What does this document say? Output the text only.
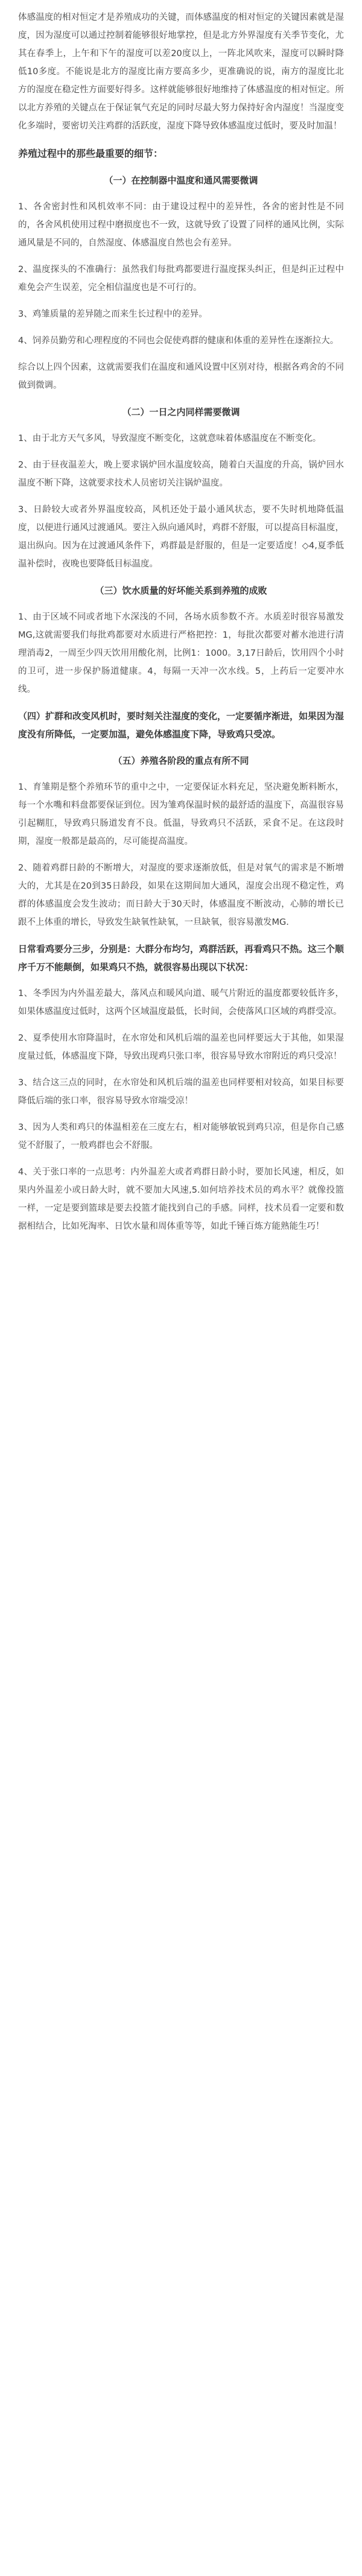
体感温度的相对恒定才是养殖成功的关键，而体感温度的相对恒定的关键因素就是湿度，因为湿度可以通过控制着能够很好地掌控，但是北方外界湿度有关季节变化，尤其在春季上，上午和下午的湿度可以差20度以上，一阵北风吹来，湿度可以瞬时降低10多度。不能说是北方的湿度比南方要高多少，更准确说的说，南方的湿度比北方的湿度在稳定性方面要好得多。这样就能够很好地维持了体感温度的相对恒定。所以北方养殖的关键点在于保证氧气充足的同时尽最大努力保持好舍内湿度！当湿度变化多端时，要密切关注鸡群的活跃度，湿度下降导致体感温度过低时，要及时加温！

养殖过程中的那些最重要的细节：

（一）在控制器中温度和通风需要微调

1、各舍密封性和风机效率不同：由于建设过程中的差异性，各舍的密封性是不同的，各舍风机使用过程中磨损度也不一致，这就导致了设置了同样的通风比例，实际通风量是不同的，自然湿度、体感温度自然也会有差异。

2、温度探头的不准确行：虽然我们每批鸡都要进行温度探头纠正，但是纠正过程中难免会产生误差，完全相信温度也是不可行的。

3、鸡雏质量的差异随之而来生长过程中的差异。

4、饲养员勤劳和心理程度的不同也会促使鸡群的健康和体重的差异性在逐渐拉大。

综合以上四个因素，这就需要我们在温度和通风设置中区别对待，根据各鸡舍的不同做到微调。

（二）一日之内同样需要微调

1、由于北方天气多风，导致湿度不断变化，这就意味着体感温度在不断变化。

2、由于昼夜温差大，晚上要求锅炉回水温度较高，随着白天温度的升高，锅炉回水温度不断下降，这就要求技术人员密切关注锅炉温度。

3、日龄较大或者外界温度较高，风机还处于最小通风状态，要不失时机地降低温度，以便进行通风过渡通风。要注入纵向通风时，鸡群不舒服，可以提高目标温度，退出纵向。因为在过渡通风条件下，鸡群最是舒服的，但是一定要适度！◇4,夏季低温补偿时，夜晚也要降低目标温度。

（三）饮水质量的好坏能关系到养殖的成败

1、由于区域不同或者地下水深浅的不同，各场水质参数不齐。水质差时很容易激发MG,这就需要我们每批鸡都要对水质进行严格把控：1，每批次都要对蓄水池进行清理消毒2，一周至少四天饮用用酸化剂，比例1：1000。3,17日龄后，饮用四个小时的卫可，进一步保护肠道健康。4，每隔一天冲一次水线。5，上药后一定要冲水线。

（四）扩群和改变风机时，要时刻关注湿度的变化，一定要循序渐进，如果因为湿度没有所降低，一定要加温，避免体感温度下降，导致鸡只受凉。

（五）养殖各阶段的重点有所不同

1、育雏期是整个养殖环节的重中之中，一定要保证水料充足，坚决避免断料断水，每一个水嘴和料盘都要保证到位。因为雏鸡保温时候的最舒适的温度下，高温很容易引起糊肛，导致鸡只肠道发育不良。低温，导致鸡只不活跃，采食不足。在这段时期，湿度一般都是最高的，尽可能提高温度。

2、随着鸡群日龄的不断增大，对湿度的要求逐渐放低，但是对氧气的需求是不断增大的，尤其是在20到35日龄段，如果在这期间加大通风，湿度会出现不稳定性，鸡群的体感温度会发生波动；而日龄大于30天时，体感温度不断波动，心肺的增长已跟不上体重的增长，导致发生缺氧性缺氧，一旦缺氧，很容易激发MG.

日常看鸡要分三步，分别是：大群分布均匀，鸡群活跃，再看鸡只不热。这三个顺序千万不能颠倒，如果鸡只不热，就很容易出现以下状况：

1、冬季因为内外温差最大，落风点和暖风向道、暖气片附近的温度都要较低许多，如果体感温度过低时，这两个区域温度最低，长时间，会使落风口区域的鸡群受凉。

2、夏季使用水帘降温时，在水帘处和风机后端的温差也同样要远大于其他，如果湿度量过低，体感温度下降，导致出现鸡只张口率，很容易导致水帘附近的鸡只受凉！

3、结合这三点的同时，在水帘处和风机后端的温差也同样要相对较高，如果目标要降低后端的张口率，很容易导致水帘端受凉！

3、因为人类和鸡只的体温相差在三度左右，相对能够敏锐到鸡只凉，但是你自己感觉不舒服了，一般鸡群也会不舒服。

4、关于张口率的一点思考：内外温差大或者鸡群日龄小时，要加长风速，相反，如果内外温差小或日龄大时，就不要加大风速,5.如何培养技术员的鸡水平？就像投篮一样，一定是要到篮球是要去投篮才能找到自己的手感。同样，技术员看一定要和数据相结合，比如死淘率、日饮水量和周体重等等，如此千锤百炼方能熟能生巧！
